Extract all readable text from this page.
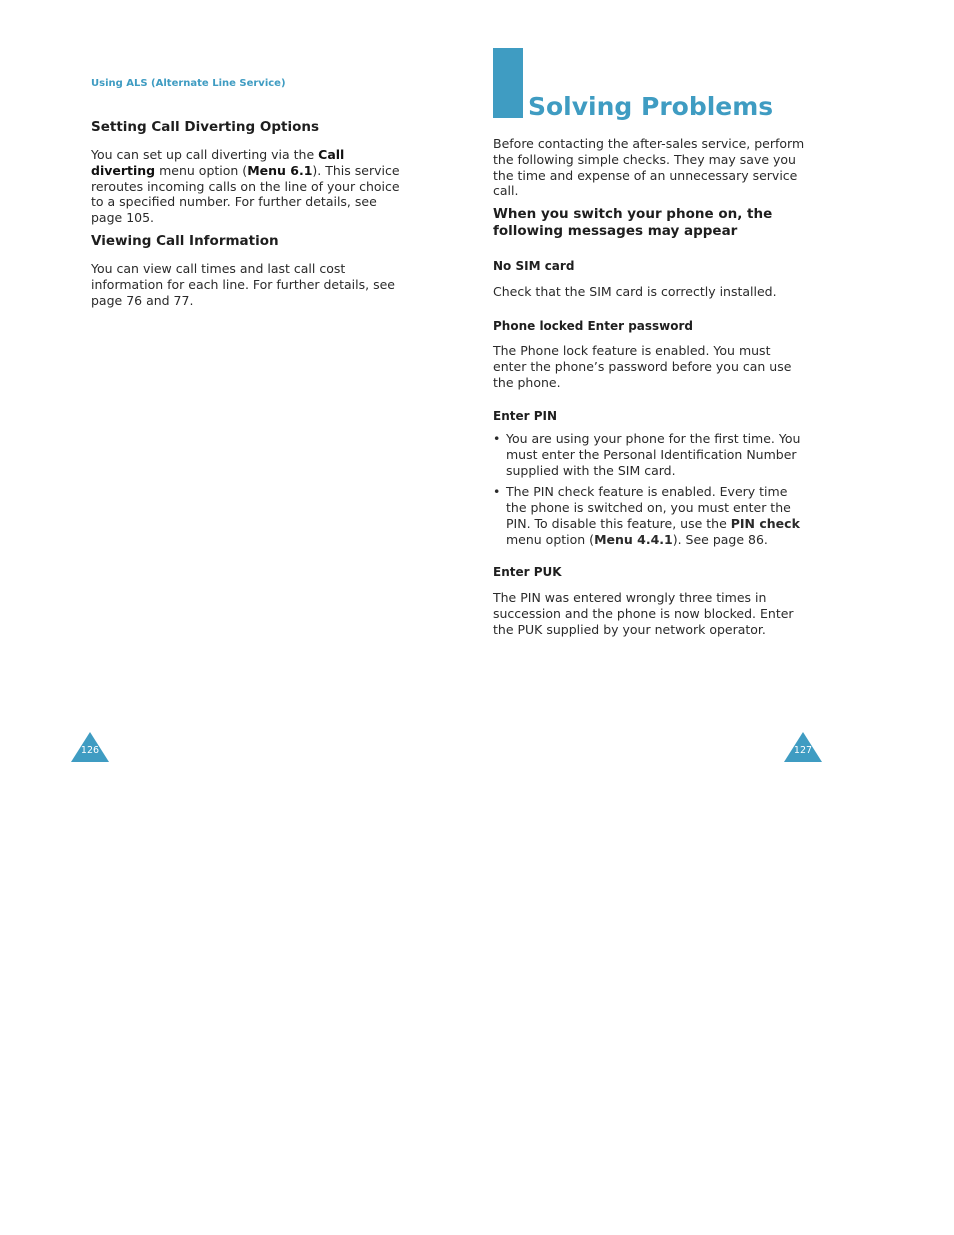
Using ALS (Alternate Line Service)
Setting Call Diverting Options

You can set up call diverting via the Call diverting menu option (Menu 6.1). This service reroutes incoming calls on the line of your choice to a specified number. For further details, see page 105.

Viewing Call Information

You can view call times and last call cost information for each line. For further details, see page 76 and 77.

126
Solving Problems

Before contacting the after-sales service, perform the following simple checks. They may save you the time and expense of an unnecessary service call.

When you switch your phone on, the following messages may appear
No SIM card

Check that the SIM card is correctly installed.

Phone locked Enter password

The Phone lock feature is enabled. You must enter the phone’s password before you can use the phone.

Enter PIN
• You are using your phone for the first time. You must enter the Personal Identification Number supplied with the SIM card.
• The PIN check feature is enabled. Every time the phone is switched on, you must enter the PIN. To disable this feature, use the PIN check menu option (Menu 4.4.1). See page 86.
Enter PUK

The PIN was entered wrongly three times in succession and the phone is now blocked. Enter the PUK supplied by your network operator.

127
